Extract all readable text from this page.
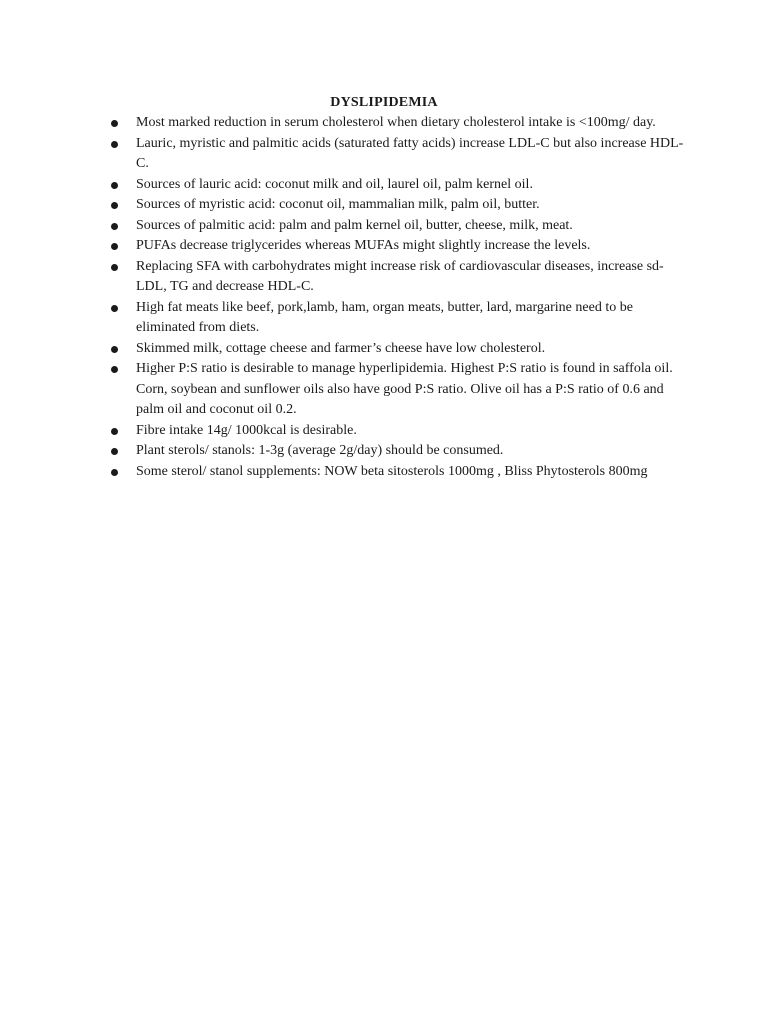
DYSLIPIDEMIA
Most marked reduction in serum cholesterol when dietary cholesterol intake is <100mg/ day.
Lauric, myristic and palmitic acids (saturated fatty acids) increase LDL-C but also increase HDL-C.
Sources of lauric acid: coconut milk and oil, laurel oil, palm kernel oil.
Sources of myristic acid: coconut oil, mammalian milk, palm oil, butter.
Sources of palmitic acid: palm and palm kernel oil, butter, cheese, milk, meat.
PUFAs decrease triglycerides whereas MUFAs might slightly increase the levels.
Replacing SFA with carbohydrates might increase risk of cardiovascular diseases, increase sd-LDL, TG and decrease HDL-C.
High fat meats like beef, pork,lamb, ham, organ meats, butter, lard, margarine need to be eliminated from diets.
Skimmed milk, cottage cheese and farmer’s cheese have low cholesterol.
Higher P:S ratio is desirable to manage hyperlipidemia. Highest P:S ratio is found in saffola oil. Corn, soybean and sunflower oils also have good P:S ratio. Olive oil has a P:S ratio of 0.6 and palm oil and coconut oil 0.2.
Fibre intake 14g/ 1000kcal is desirable.
Plant sterols/ stanols: 1-3g (average 2g/day) should be consumed.
Some sterol/ stanol supplements: NOW beta sitosterols 1000mg , Bliss Phytosterols 800mg
